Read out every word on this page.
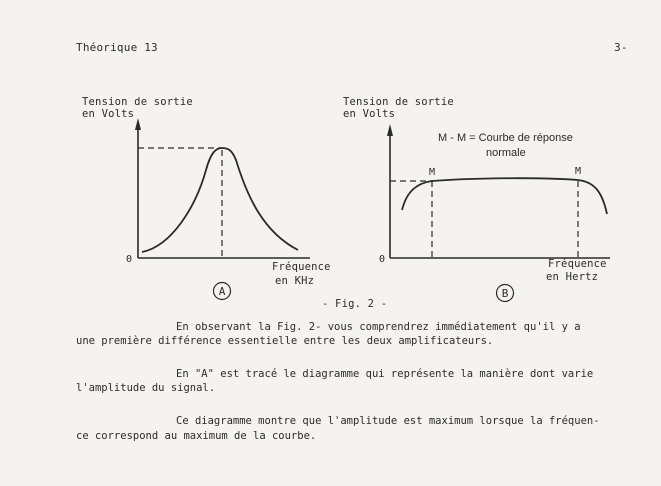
Théorique 13	3-
0
A
0
M	M
B
Tension de sortie
en Volts
Fréquence
en KHz
Tension de sortie
en Volts
M - M = Courbe de réponse
normale
Fréquence
en Hertz
- Fig. 2 -
En observant la Fig. 2- vous comprendrez immédiatement qu'il y a
une première différence essentielle entre les deux amplificateurs.
En "A" est tracé le diagramme qui représente la manière dont varie
l'amplitude du signal.
Ce diagramme montre que l'amplitude est maximum lorsque la fréquen-
ce correspond au maximum de la courbe.
